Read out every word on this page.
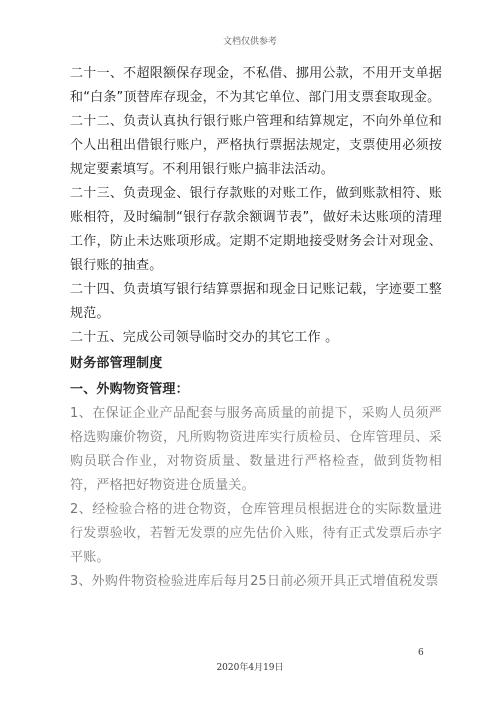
文档仅供参考

二十一、不超限额保存现金，不私借、挪用公款，不用开支单据和“白条”顶替库存现金，不为其它单位、部门用支票套取现金。

二十二、负责认真执行银行账户管理和结算规定，不向外单位和个人出租出借银行账户，严格执行票据法规定，支票使用必须按规定要素填写。不利用银行账户搞非法活动。

二十三、负责现金、银行存款账的对账工作，做到账款相符、账账相符，及时编制“银行存款余额调节表”，做好未达账项的清理工作，防止未达账项形成。定期不定期地接受财务会计对现金、银行账的抽查。

二十四、负责填写银行结算票据和现金日记账记载，字迹要工整规范。

二十五、完成公司领导临时交办的其它工作 。

财务部管理制度

一、外购物资管理：

1、在保证企业产品配套与服务高质量的前提下，采购人员须严格选购廉价物资，凡所购物资进库实行质检员、仓库管理员、采购员联合作业，对物资质量、数量进行严格检查，做到货物相符，严格把好物资进仓质量关。

2、经检验合格的进仓物资，仓库管理员根据进仓的实际数量进行发票验收，若暂无发票的应先估价入账，待有正式发票后赤字平账。

3、外购件物资检验进库后每月25日前必须开具正式增值税发票

6
2020年4月19日
